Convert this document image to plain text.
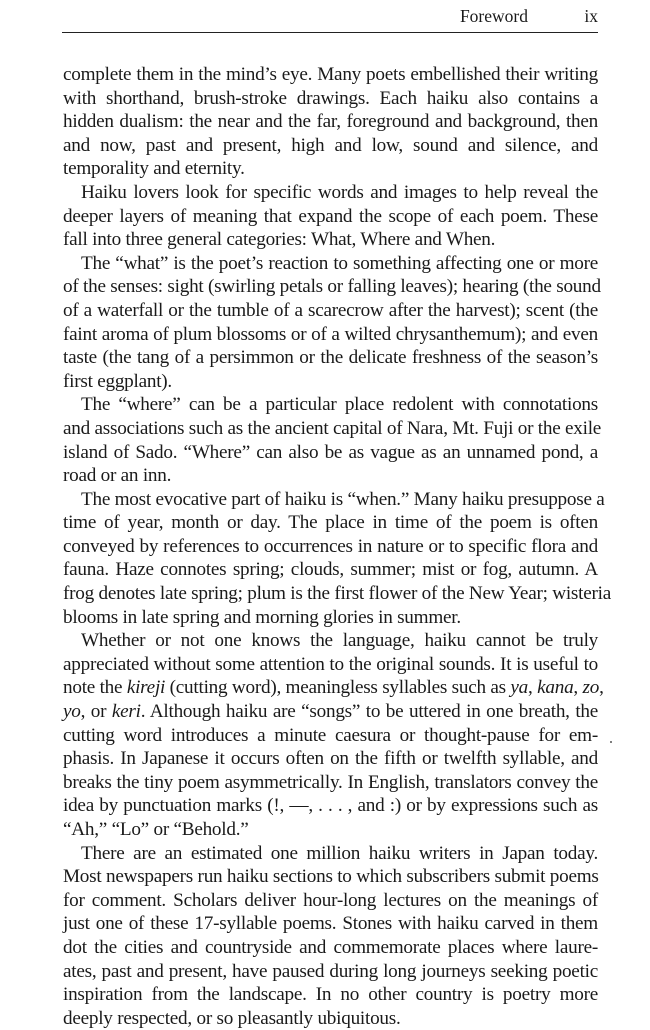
Foreword	ix
complete them in the mind’s eye. Many poets embellished their writing
with shorthand, brush-stroke drawings. Each haiku also contains a
hidden dualism: the near and the far, foreground and background, then
and now, past and present, high and low, sound and silence, and
temporality and eternity.
Haiku lovers look for specific words and images to help reveal the
deeper layers of meaning that expand the scope of each poem. These
fall into three general categories: What, Where and When.
The “what” is the poet’s reaction to something affecting one or more
of the senses: sight (swirling petals or falling leaves); hearing (the sound
of a waterfall or the tumble of a scarecrow after the harvest); scent (the
faint aroma of plum blossoms or of a wilted chrysanthemum); and even
taste (the tang of a persimmon or the delicate freshness of the season’s
first eggplant).
The “where” can be a particular place redolent with connotations
and associations such as the ancient capital of Nara, Mt. Fuji or the exile
island of Sado. “Where” can also be as vague as an unnamed pond, a
road or an inn.
The most evocative part of haiku is “when.” Many haiku presuppose a
time of year, month or day. The place in time of the poem is often
conveyed by references to occurrences in nature or to specific flora and
fauna. Haze connotes spring; clouds, summer; mist or fog, autumn. A
frog denotes late spring; plum is the first flower of the New Year; wisteria
blooms in late spring and morning glories in summer.
Whether or not one knows the language, haiku cannot be truly
appreciated without some attention to the original sounds. It is useful to
note the kireji (cutting word), meaningless syllables such as ya, kana, zo,
yo, or keri. Although haiku are “songs” to be uttered in one breath, the
cutting word introduces a minute caesura or thought-pause for em-
phasis. In Japanese it occurs often on the fifth or twelfth syllable, and
breaks the tiny poem asymmetrically. In English, translators convey the
idea by punctuation marks (!, —, . . . , and :) or by expressions such as
“Ah,” “Lo” or “Behold.”
There are an estimated one million haiku writers in Japan today.
Most newspapers run haiku sections to which subscribers submit poems
for comment. Scholars deliver hour-long lectures on the meanings of
just one of these 17-syllable poems. Stones with haiku carved in them
dot the cities and countryside and commemorate places where laure-
ates, past and present, have paused during long journeys seeking poetic
inspiration from the landscape. In no other country is poetry more
deeply respected, or so pleasantly ubiquitous.
